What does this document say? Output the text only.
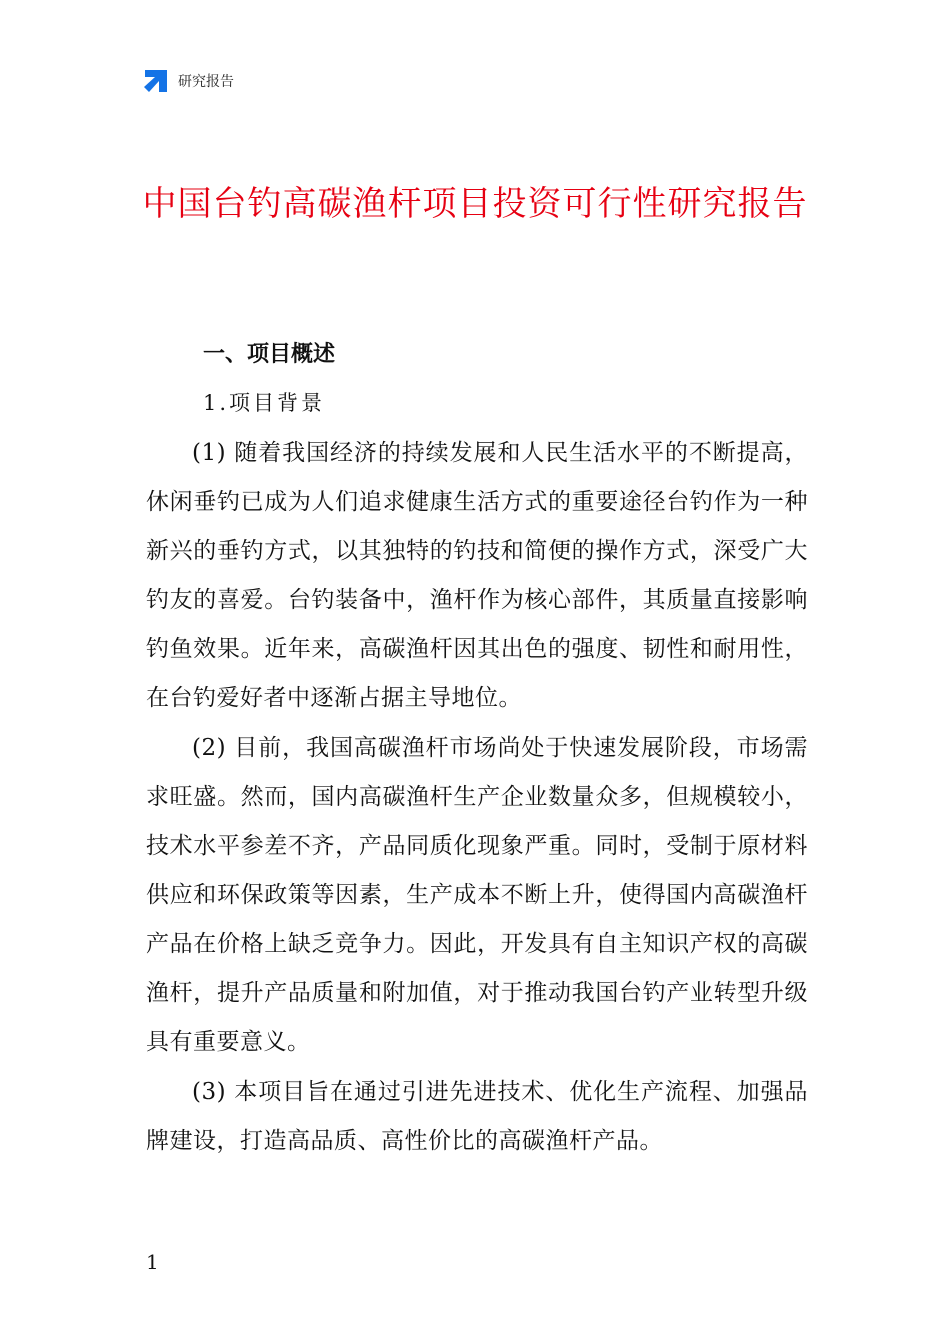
研究报告
中国台钓高碳渔杆项目投资可行性研究报告
一、项目概述
1.项目背景

(1) 随着我国经济的持续发展和人民生活水平的不断提高，休闲垂钓已成为人们追求健康生活方式的重要途径台钓作为一种新兴的垂钓方式，以其独特的钓技和简便的操作方式，深受广大钓友的喜爱。台钓装备中，渔杆作为核心部件，其质量直接影响钓鱼效果。近年来，高碳渔杆因其出色的强度、韧性和耐用性，在台钓爱好者中逐渐占据主导地位。

(2) 目前，我国高碳渔杆市场尚处于快速发展阶段，市场需求旺盛。然而，国内高碳渔杆生产企业数量众多，但规模较小，技术水平参差不齐，产品同质化现象严重。同时，受制于原材料供应和环保政策等因素，生产成本不断上升，使得国内高碳渔杆产品在价格上缺乏竞争力。因此，开发具有自主知识产权的高碳渔杆，提升产品质量和附加值，对于推动我国台钓产业转型升级具有重要意义。

(3) 本项目旨在通过引进先进技术、优化生产流程、加强品牌建设，打造高品质、高性价比的高碳渔杆产品。

1
